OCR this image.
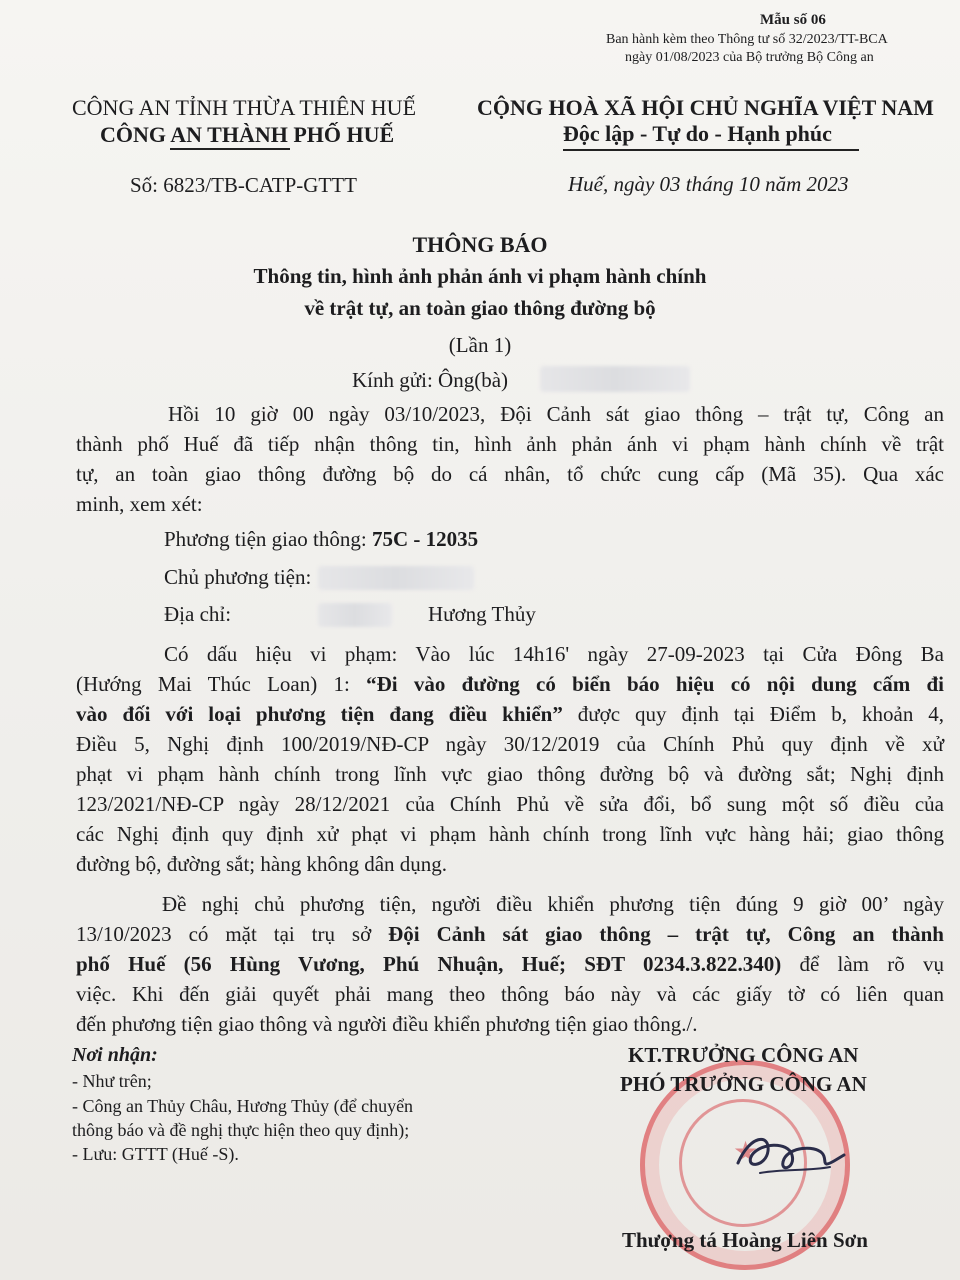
Mẫu số 06
Ban hành kèm theo Thông tư số 32/2023/TT-BCA
ngày 01/08/2023 của Bộ trưởng Bộ Công an
CÔNG AN TỈNH THỪA THIÊN HUẾ
CÔNG AN THÀNH PHỐ HUẾ
CỘNG HOÀ XÃ HỘI CHỦ NGHĨA VIỆT NAM
Độc lập - Tự do - Hạnh phúc
Số: 6823/TB-CATP-GTTT	Huế, ngày 03 tháng 10 năm 2023
THÔNG BÁO
Thông tin, hình ảnh phản ánh vi phạm hành chính
về trật tự, an toàn giao thông đường bộ
(Lần 1)
Kính gửi: Ông(bà)
Hồi 10 giờ 00 ngày 03/10/2023, Đội Cảnh sát giao thông – trật tự, Công an
thành phố Huế đã tiếp nhận thông tin, hình ảnh phản ánh vi phạm hành chính về trật
tự, an toàn giao thông đường bộ do cá nhân, tổ chức cung cấp (Mã 35). Qua xác
minh, xem xét:
Phương tiện giao thông: 75C - 12035
Chủ phương tiện:
Địa chỉ:	Hương Thủy
Có dấu hiệu vi phạm: Vào lúc 14h16' ngày 27-09-2023 tại Cửa Đông Ba
(Hướng Mai Thúc Loan) 1: “Đi vào đường có biển báo hiệu có nội dung cấm đi
vào đối với loại phương tiện đang điều khiển” được quy định tại Điểm b, khoản 4,
Điều 5, Nghị định 100/2019/NĐ-CP ngày 30/12/2019 của Chính Phủ quy định về xử
phạt vi phạm hành chính trong lĩnh vực giao thông đường bộ và đường sắt; Nghị định
123/2021/NĐ-CP ngày 28/12/2021 của Chính Phủ về sửa đổi, bổ sung một số điều của
các Nghị định quy định xử phạt vi phạm hành chính trong lĩnh vực hàng hải; giao thông
đường bộ, đường sắt; hàng không dân dụng.
Đề nghị chủ phương tiện, người điều khiển phương tiện đúng 9 giờ 00’ ngày
13/10/2023 có mặt tại trụ sở Đội Cảnh sát giao thông – trật tự, Công an thành
phố Huế (56 Hùng Vương, Phú Nhuận, Huế; SĐT 0234.3.822.340) để làm rõ vụ
việc. Khi đến giải quyết phải mang theo thông báo này và các giấy tờ có liên quan
đến phương tiện giao thông và người điều khiển phương tiện giao thông./.
Nơi nhận:
- Như trên;
- Công an Thủy Châu, Hương Thủy (để chuyển
thông báo và đề nghị thực hiện theo quy định);
- Lưu: GTTT (Huế -S).	★
KT.TRƯỞNG CÔNG AN
PHÓ TRƯỞNG CÔNG AN
Thượng tá Hoàng Liên Sơn
